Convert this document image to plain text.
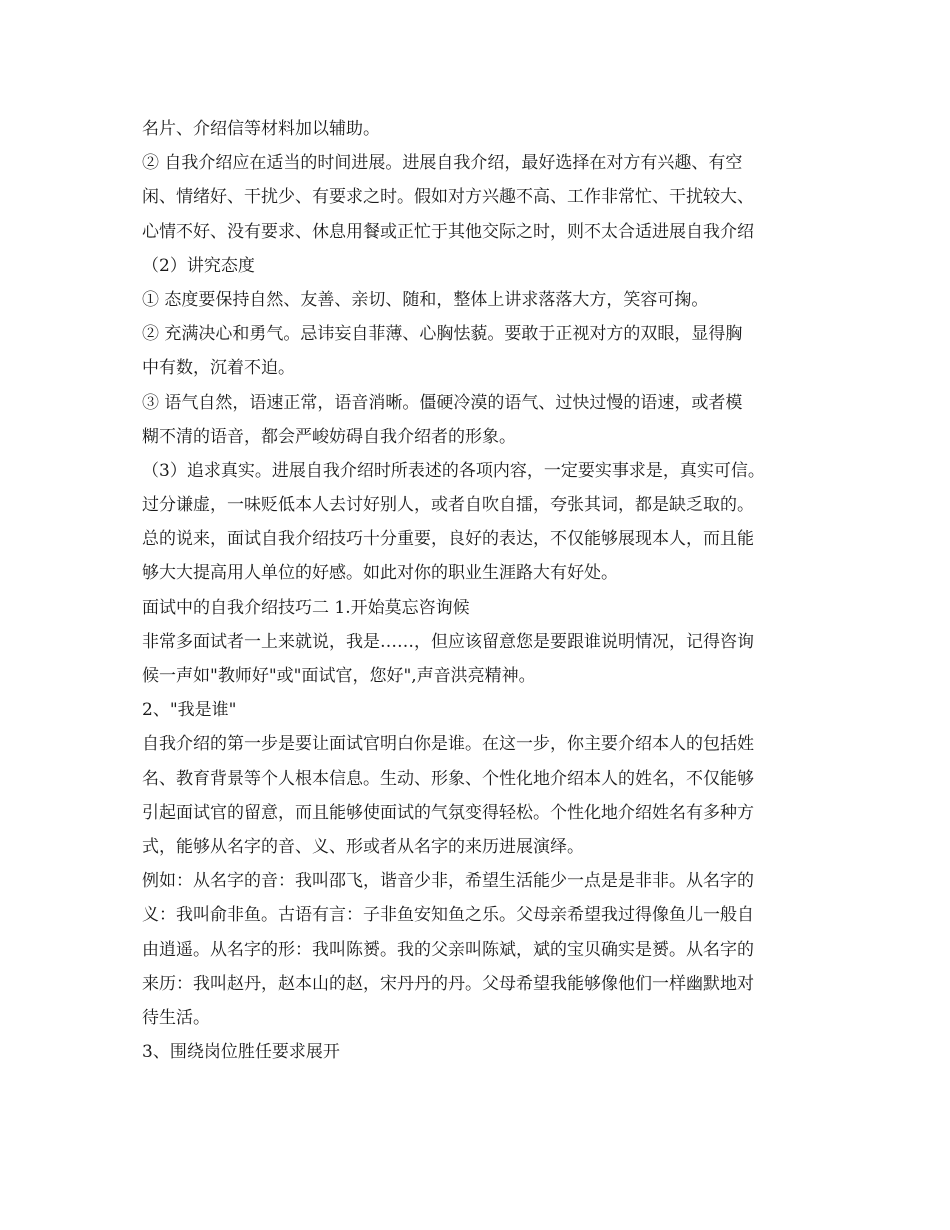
名片、介绍信等材料加以辅助。
② 自我介绍应在适当的时间进展。进展自我介绍，最好选择在对方有兴趣、有空
闲、情绪好、干扰少、有要求之时。假如对方兴趣不高、工作非常忙、干扰较大、
心情不好、没有要求、休息用餐或正忙于其他交际之时，则不太合适进展自我介绍
（2）讲究态度
① 态度要保持自然、友善、亲切、随和，整体上讲求落落大方，笑容可掬。
② 充满决心和勇气。忌讳妄自菲薄、心胸怯藐。要敢于正视对方的双眼，显得胸
中有数，沉着不迫。
③ 语气自然，语速正常，语音消晰。僵硬冷漠的语气、过快过慢的语速，或者模
糊不清的语音，都会严峻妨碍自我介绍者的形象。
（3）追求真实。进展自我介绍时所表述的各项内容，一定要实事求是，真实可信。
过分谦虚，一味贬低本人去讨好别人，或者自吹自擂，夸张其词，都是缺乏取的。
总的说来，面试自我介绍技巧十分重要，良好的表达，不仅能够展现本人，而且能
够大大提高用人单位的好感。如此对你的职业生涯路大有好处。
面试中的自我介绍技巧二 1.开始莫忘咨询候
非常多面试者一上来就说，我是……，但应该留意您是要跟谁说明情况，记得咨询
候一声如"教师好"或"面试官，您好",声音洪亮精神。
2、"我是谁"
自我介绍的第一步是要让面试官明白你是谁。在这一步，你主要介绍本人的包括姓
名、教育背景等个人根本信息。生动、形象、个性化地介绍本人的姓名，不仅能够
引起面试官的留意，而且能够使面试的气氛变得轻松。个性化地介绍姓名有多种方
式，能够从名字的音、义、形或者从名字的来历进展演绎。
例如：从名字的音：我叫邵飞，谐音少非，希望生活能少一点是是非非。从名字的
义：我叫俞非鱼。古语有言：子非鱼安知鱼之乐。父母亲希望我过得像鱼儿一般自
由逍遥。从名字的形：我叫陈赟。我的父亲叫陈斌，斌的宝贝确实是赟。从名字的
来历：我叫赵丹，赵本山的赵，宋丹丹的丹。父母希望我能够像他们一样幽默地对
待生活。
3、围绕岗位胜任要求展开
